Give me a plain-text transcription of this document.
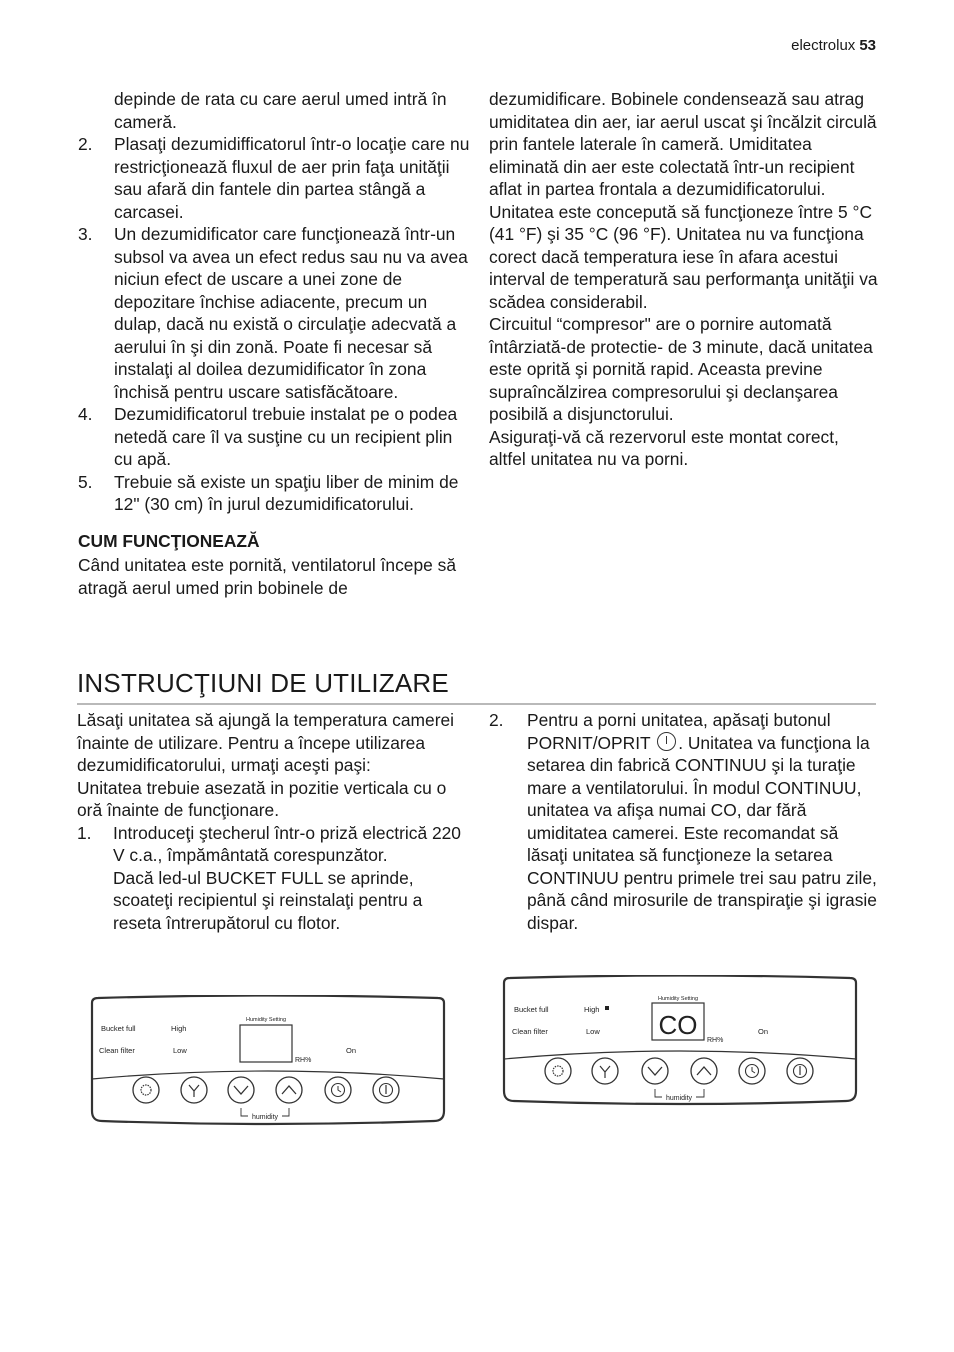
electrolux 53

depinde de rata cu care aerul umed intră în cameră.

2.	Plasaţi dezumidifficatorul într-o locaţie care nu restricţionează fluxul de aer prin faţa unităţii sau afară din fantele din partea stângă a carcasei.
3.	Un dezumidificator care funcţionează într-un subsol va avea un efect redus sau nu va avea niciun efect de uscare a unei zone de depozitare închise adiacente, precum un dulap, dacă nu există o circulaţie adecvată a aerului în şi din zonă. Poate fi necesar să instalaţi al doilea dezumidificator în zona închisă pentru uscare satisfăcătoare.
4.	Dezumidificatorul trebuie instalat pe o podea netedă care îl va susţine cu un recipient plin cu apă.
5.	Trebuie să existe un spaţiu liber de minim de 12" (30 cm) în jurul dezumidificatorului.
CUM FUNCŢIONEAZĂ

Când unitatea este pornită, ventilatorul începe să atragă aerul umed prin bobinele de

dezumidificare. Bobinele condensează sau atrag umiditatea din aer, iar aerul uscat şi încălzit circulă prin fantele laterale în cameră. Umiditatea eliminată din aer este colectată într-un recipient aflat in partea frontala a dezumidificatorului.

Unitatea este concepută să funcţioneze între 5 °C (41 °F) şi 35 °C (96 °F). Unitatea nu va funcţiona corect dacă temperatura iese în afara acestui interval de temperatură sau performanţa unităţii va scădea considerabil.

Circuitul “compresor" are o pornire automată întârziată-de protectie- de 3 minute, dacă unitatea este oprită şi pornită rapid. Aceasta previne supraîncălzirea compresorului şi declanşarea posibilă a disjunctorului.

Asiguraţi-vă că rezervorul este montat corect, altfel unitatea nu va porni.

INSTRUCŢIUNI DE UTILIZARE

Lăsaţi unitatea să ajungă la temperatura camerei înainte de utilizare. Pentru a începe utilizarea dezumidificatorului, urmaţi aceşti paşi:

Unitatea trebuie asezată in pozitie verticala cu o oră înainte de funcţionare.

1.	Introduceţi ştecherul într-o priză electrică 220 V c.a., împământată corespunzător.
Dacă led-ul BUCKET FULL se aprinde, scoateţi recipientul şi reinstalaţi pentru a reseta întrerupătorul cu flotor.
2.	Pentru a porni unitatea, apăsaţi butonul PORNIT/OPRIT . Unitatea va funcţiona la setarea din fabrică CONTINUU şi la turaţie mare a ventilatorului. În modul CONTINUU, unitatea va afişa numai CO, dar fără umiditatea camerei. Este recomandat să lăsaţi unitatea să funcţioneze la setarea CONTINUU pentru primele trei sau patru zile, până când mirosurile de transpiraţie şi igrasie dispar.
Bucket full
Clean filter
High
Low
Humidity Setting
RH%
On
humidity
Bucket full
Clean filter
High
Low
Humidity Setting
CO
RH%
On
humidity
